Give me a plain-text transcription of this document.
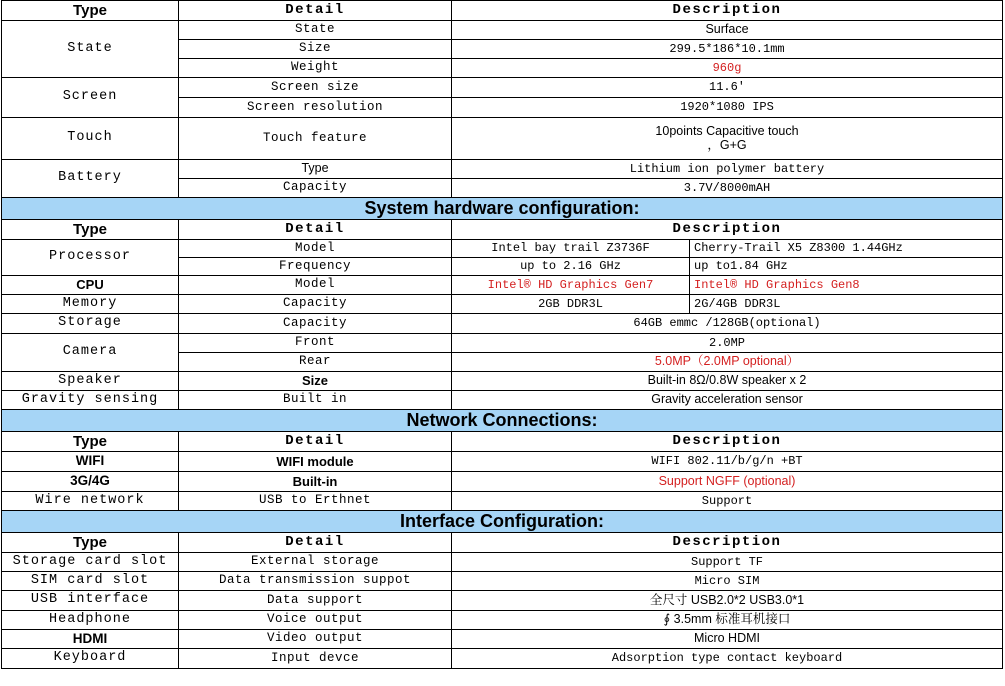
Type	Detail	Description	
State	State	Surface	
	Size	299.5*186*10.1mm	
	Weight	960g	
Screen	Screen size	11.6'	
	Screen resolution	1920*1080 IPS	
Touch	Touch feature	10points Capacitive touch
，G+G	

Battery	Type	Lithium ion polymer battery	
	Capacity	3.7V/8000mAH	
System hardware configuration:			
Type	Detail	Description	
Processor	Model	Intel bay trail Z3736F	Cherry-Trail X5 Z8300 1.44GHz
	Frequency	up to 2.16 GHz	up to1.84 GHz
CPU	Model	Intel® HD Graphics Gen7	Intel® HD Graphics Gen8
Memory	Capacity	2GB DDR3L	2G/4GB DDR3L
Storage	Capacity	64GB emmc /128GB(optional)	
Camera	Front	2.0MP	
	Rear	5.0MP（2.0MP optional）	
Speaker	Size	Built-in 8Ω/0.8W speaker x 2	
Gravity sensing	Built in	Gravity acceleration sensor	
Network Connections:			
Type	Detail	Description	
WIFI	WIFI module	WIFI 802.11/b/g/n +BT	
3G/4G	Built-in	Support NGFF (optional)	
Wire network	USB to Erthnet	Support	
Interface Configuration:			
Type	Detail	Description	
Storage card slot	External storage	Support TF	
SIM card slot	Data transmission suppot	Micro SIM	
USB interface	Data support	全尺寸 USB2.0*2 USB3.0*1	
Headphone	Voice output	∮ 3.5mm 标准耳机接口	
HDMI	Video output	Micro HDMI	
Keyboard	Input devce	Adsorption type contact keyboard	
